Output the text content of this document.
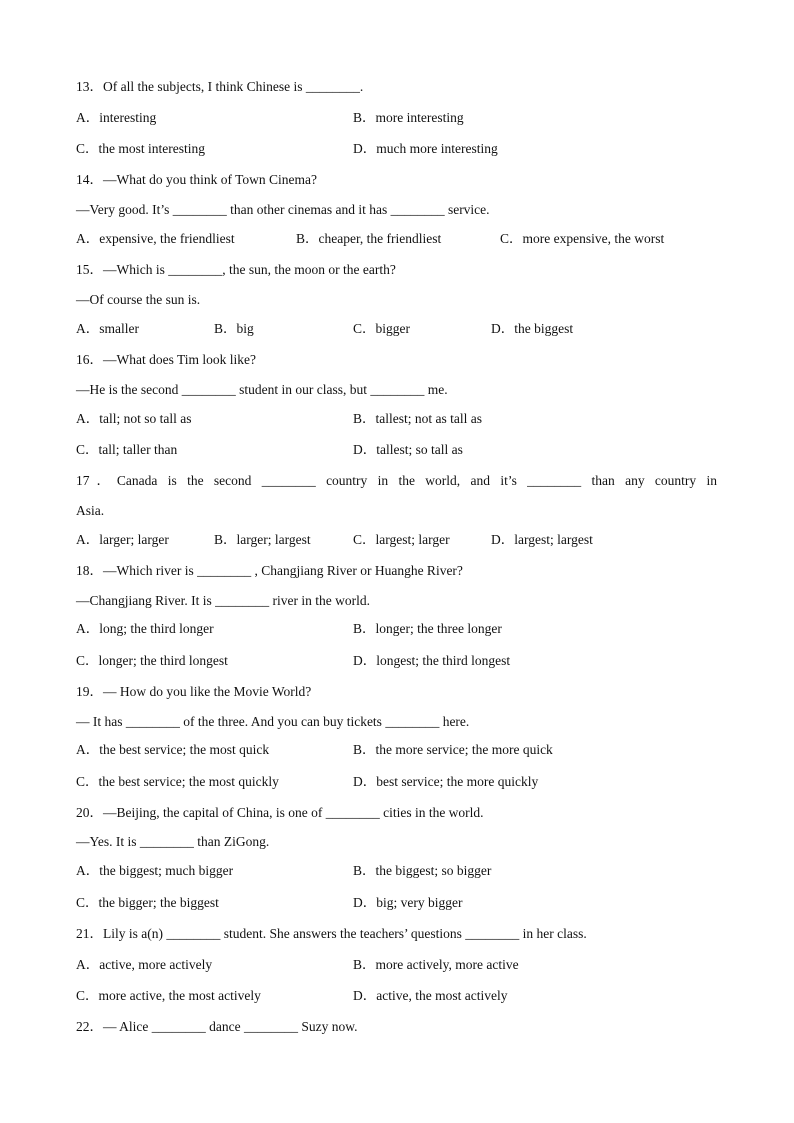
13．Of all the subjects, I think Chinese is ________.
A．interesting	B．more interesting
C．the most interesting	D．much more interesting
14．—What do you think of Town Cinema?
—Very good. It’s ________ than other cinemas and it has ________ service.
A．expensive, the friendliest	B．cheaper, the friendliest	C．more expensive, the worst
15．—Which is ________, the sun, the moon or the earth?
—Of course the sun is.
A．smaller	B．big	C．bigger	D．the biggest
16．—What does Tim look like?
—He is the second ________ student in our class, but ________ me.
A．tall; not so tall as	B．tallest; not as tall as
C．tall; taller than	D．tallest; so tall as
17．Canada is the second ________ country in the world, and it’s ________ than any country in
Asia.
A．larger; larger	B．larger; largest	C．largest; larger	D．largest; largest
18．—Which river is ________ , Changjiang River or Huanghe River?
—Changjiang River. It is ________ river in the world.
A．long; the third longer	B．longer; the three longer
C．longer; the third longest	D．longest; the third longest
19．— How do you like the Movie World?
— It has ________ of the three. And you can buy tickets ________ here.
A．the best service; the most quick	B．the more service; the more quick
C．the best service; the most quickly	D．best service; the more quickly
20．—Beijing, the capital of China, is one of ________ cities in the world.
—Yes. It is ________ than ZiGong.
A．the biggest; much bigger	B．the biggest; so bigger
C．the bigger; the biggest	D．big; very bigger
21．Lily is a(n) ________ student. She answers the teachers’ questions ________ in her class.
A．active, more actively	B．more actively, more active
C．more active, the most actively	D．active, the most actively
22．— Alice ________ dance ________ Suzy now.
